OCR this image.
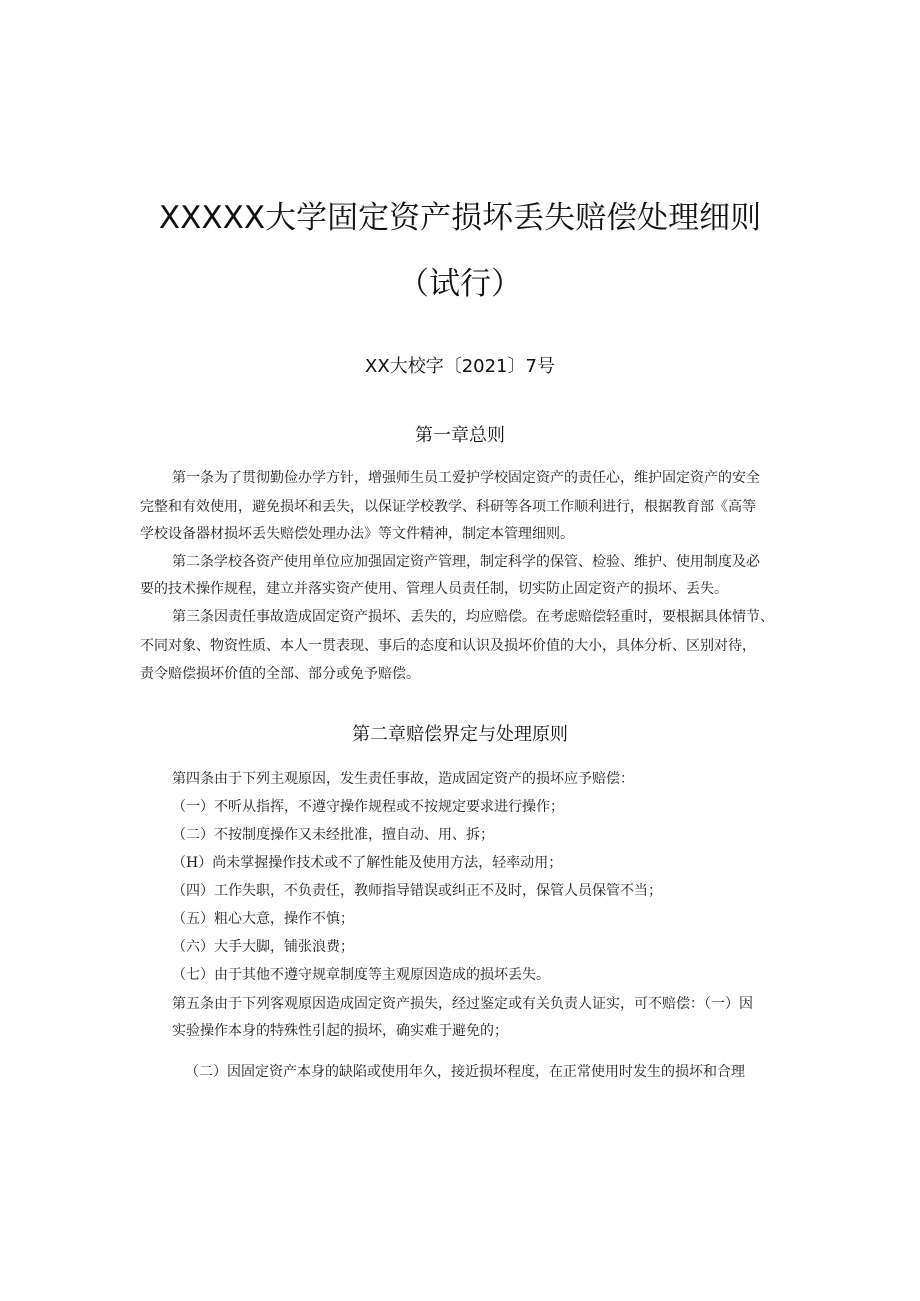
XXXXX大学固定资产损坏丢失赔偿处理细则
（试行）
XX大校字〔2021〕7号
第一章总则
第一条为了贯彻勤俭办学方针，增强师生员工爱护学校固定资产的责任心，维护固定资产的安全
完整和有效使用，避免损坏和丢失，以保证学校教学、科研等各项工作顺利进行，根据教育部《高等
学校设备器材损坏丢失赔偿处理办法》等文件精神，制定本管理细则。
第二条学校各资产使用单位应加强固定资产管理，制定科学的保管、检验、维护、使用制度及必
要的技术操作规程，建立并落实资产使用、管理人员责任制，切实防止固定资产的损坏、丢失。
第三条因责任事故造成固定资产损坏、丢失的，均应赔偿。在考虑赔偿轻重时，要根据具体情节、
不同对象、物资性质、本人一贯表现、事后的态度和认识及损坏价值的大小，具体分析、区别对待，
责令赔偿损坏价值的全部、部分或免予赔偿。
第二章赔偿界定与处理原则
第四条由于下列主观原因，发生责任事故，造成固定资产的损坏应予赔偿：
（一）不听从指挥，不遵守操作规程或不按规定要求进行操作；
（二）不按制度操作又未经批准，擅自动、用、拆；
（H）尚未掌握操作技术或不了解性能及使用方法，轻率动用；
（四）工作失职，不负责任，教师指导错误或纠正不及时，保管人员保管不当；
（五）粗心大意，操作不慎；
（六）大手大脚，铺张浪费；
（七）由于其他不遵守规章制度等主观原因造成的损坏丢失。
第五条由于下列客观原因造成固定资产损失，经过鉴定或有关负责人证实，可不赔偿：（一）因
实验操作本身的特殊性引起的损坏，确实难于避免的；
（二）因固定资产本身的缺陷或使用年久，接近损坏程度，在正常使用时发生的损坏和合理
